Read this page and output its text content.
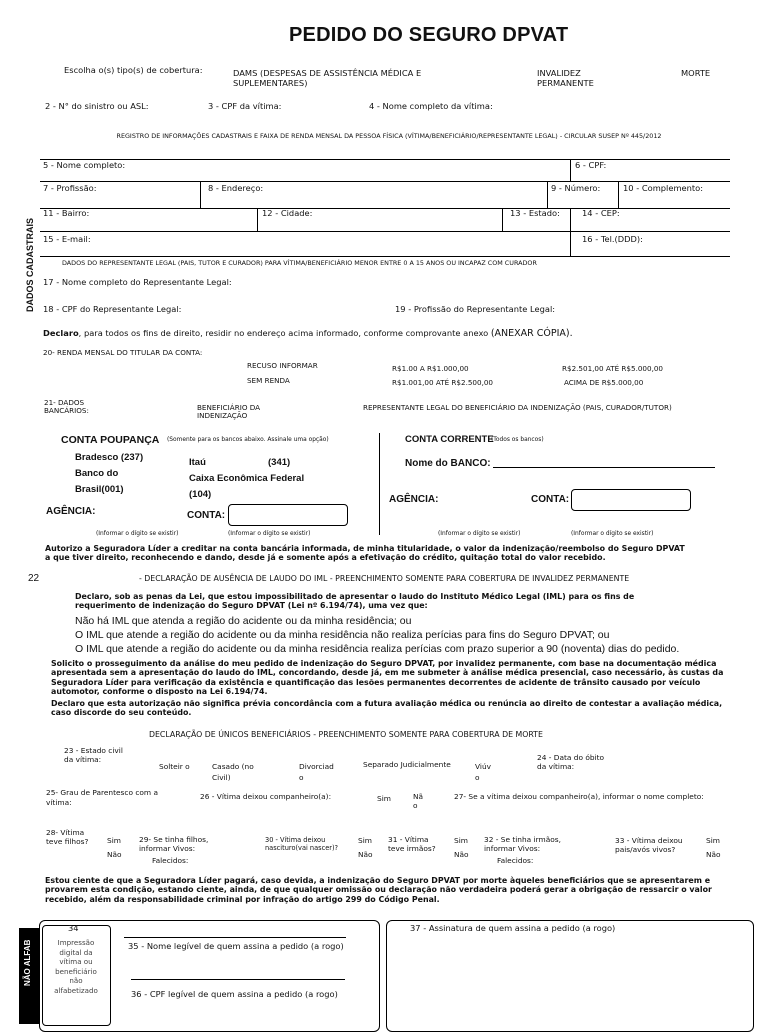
PEDIDO DO SEGURO DPVAT
Escolha o(s) tipo(s) de cobertura:	DAMS (DESPESAS DE ASSISTÊNCIA MÉDICA E SUPLEMENTARES)
INVALIDEZ PERMANENTE
MORTE
2 - N° do sinistro ou ASL:	3 - CPF da vítima:	4 - Nome completo da vítima:
REGISTRO DE INFORMAÇÕES CADASTRAIS E FAIXA DE RENDA MENSAL DA PESSOA FÍSICA (VÍTIMA/BENEFICIÁRIO/REPRESENTANTE LEGAL) - CIRCULAR SUSEP Nº 445/2012
5 - Nome completo:	6 - CPF:
7 - Profissão:	8 - Endereço:	9 - Número:	10 - Complemento:
11 - Bairro:	12 - Cidade:	13 - Estado:	14 - CEP:
15 - E-mail:	16 - Tel.(DDD):
DADOS CADASTRAIS	DADOS DO REPRESENTANTE LEGAL (PAIS, TUTOR E CURADOR) PARA VÍTIMA/BENEFICIÁRIO MENOR ENTRE 0 A 15 ANOS OU INCAPAZ COM CURADOR
17 - Nome completo do Representante Legal:
18 - CPF do Representante Legal:	19 - Profissão do Representante Legal:
Declaro, para todos os fins de direito, residir no endereço acima informado, conforme comprovante anexo (ANEXAR CÓPIA).
20- RENDA MENSAL DO TITULAR DA CONTA:
RECUSO INFORMAR
SEM RENDA
R$1.00 A R$1.000,00
R$1.001,00 ATÉ R$2.500,00
R$2.501,00 ATÉ R$5.000,00
ACIMA DE R$5.000,00
21- DADOS BANCÁRIOS:	BENEFICIÁRIO DA INDENIZAÇÃO
REPRESENTANTE LEGAL DO BENEFICIÁRIO DA INDENIZAÇÃO (PAIS, CURADOR/TUTOR)
CONTA POUPANÇA (Somente para os bancos abaixo. Assinale uma opção)
Bradesco (237)
Banco do
Brasil(001)
Itaú	(341)
Caixa Econômica Federal
(104)
AGÊNCIA:	CONTA:
CONTA CORRENTE
(Todos os bancos)
Nome do BANCO:
AGÊNCIA:	CONTA:
(Informar o dígito se existir)	(Informar o dígito se existir)	(Informar o dígito se existir)	(Informar o dígito se existir)
Autorizo a Seguradora Líder a creditar na conta bancária informada, de minha titularidade, o valor da indenização/reembolso do Seguro DPVAT a que tiver direito, reconhecendo e dando, desde já e somente após a efetivação do crédito, quitação total do valor recebido.
22	- DECLARAÇÃO DE AUSÊNCIA DE LAUDO DO IML - PREENCHIMENTO SOMENTE PARA COBERTURA DE INVALIDEZ PERMANENTE
Declaro, sob as penas da Lei, que estou impossibilitado de apresentar o laudo do Instituto Médico Legal (IML) para os fins de requerimento de indenização do Seguro DPVAT (Lei nº 6.194/74), uma vez que:
Não há IML que atenda a região do acidente ou da minha residência; ou
O IML que atende a região do acidente ou da minha residência não realiza perícias para fins do Seguro DPVAT; ou
O IML que atende a região do acidente ou da minha residência realiza perícias com prazo superior a 90 (noventa) dias do pedido.
Solicito o prosseguimento da análise do meu pedido de indenização do Seguro DPVAT, por invalidez permanente, com base na documentação médica apresentada sem a apresentação do laudo do IML, concordando, desde já, em me submeter à análise médica presencial, caso necessário, às custas da Seguradora Líder para verificação da existência e quantificação das lesões permanentes decorrentes de acidente de trânsito causado por veículo automotor, conforme o disposto na Lei 6.194/74.
Declaro que esta autorização não significa prévia concordância com a futura avaliação médica ou renúncia ao direito de contestar a avaliação médica, caso discorde do seu conteúdo.
DECLARAÇÃO DE ÚNICOS BENEFICIÁRIOS - PREENCHIMENTO SOMENTE PARA COBERTURA DE MORTE
23 - Estado civil da vítima:
Solteir o	Casado (no Civil)
Divorciad o
Separado Judicialmente	Viúv o
24 - Data do óbito da vítima:
25- Grau de Parentesco com a vítima:
26 - Vítima deixou companheiro(a):	Sim	Nã o
27- Se a vítima deixou companheiro(a), informar o nome completo:
28- Vítima teve filhos?	Sim
Não
29- Se tinha filhos, informar Vivos:
Falecidos:
30 - Vítima deixou nascituro(vai nascer)?
Sim
Não
31 - Vítima teve irmãos?
Sim
Não
32 - Se tinha irmãos, informar Vivos:
Falecidos:
33 - Vítima deixou pais/avós vivos?
Sim
Não
Estou ciente de que a Seguradora Líder pagará, caso devida, a indenização do Seguro DPVAT por morte àqueles beneficiários que se apresentarem e provarem esta condição, estando ciente, ainda, de que qualquer omissão ou declaração não verdadeira poderá gerar a obrigação de ressarcir o valor recebido, além da responsabilidade criminal por infração do artigo 299 do Código Penal.
NÃO ALFAB
34
Impressão digital da vítima ou beneficiário não alfabetizado
35 - Nome legível de quem assina a pedido (a rogo)
36 - CPF legível de quem assina a pedido (a rogo)
37 - Assinatura de quem assina a pedido (a rogo)
